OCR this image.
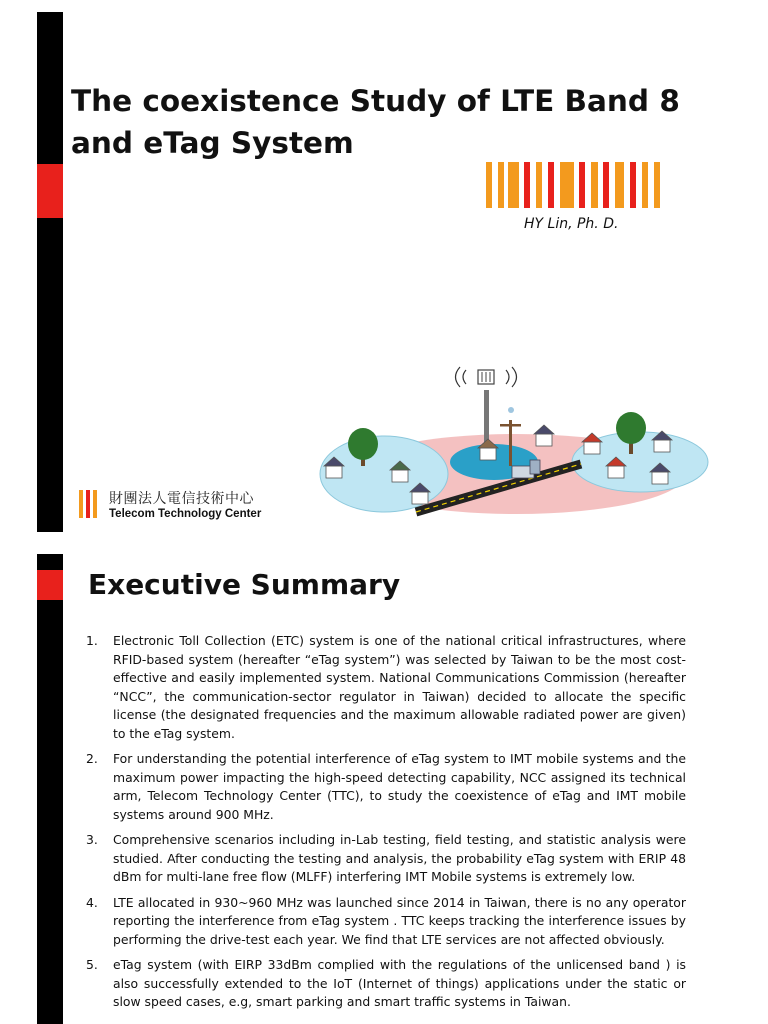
The coexistence Study of LTE Band 8 and eTag System
HY Lin, Ph. D.
財團法人電信技術中心
Telecom Technology Center
Executive Summary
1. Electronic Toll Collection (ETC) system is one of the national critical infrastructures, where RFID-based system (hereafter “eTag system”) was selected by Taiwan to be the most cost-effective and easily implemented system. National Communications Commission (hereafter “NCC”, the communication-sector regulator in Taiwan) decided to allocate the specific license (the designated frequencies and the maximum allowable radiated power are given) to the eTag system.
2. For understanding the potential interference of eTag system to IMT mobile systems and the maximum power impacting the high-speed detecting capability, NCC assigned its technical arm, Telecom Technology Center (TTC), to study the coexistence of eTag and IMT mobile systems around 900 MHz.
3. Comprehensive scenarios including in-Lab testing, field testing, and statistic analysis were studied. After conducting the testing and analysis, the probability eTag system with ERIP 48 dBm for multi-lane free flow (MLFF) interfering IMT Mobile systems is extremely low.
4. LTE allocated in 930~960 MHz was launched since 2014 in Taiwan, there is no any operator reporting the interference from eTag system . TTC keeps tracking the interference issues by performing the drive-test each year. We find that LTE services are not affected obviously.
5. eTag system (with EIRP 33dBm complied with the regulations of the unlicensed band ) is also successfully extended to the IoT (Internet of things) applications under the static or slow speed cases, e.g, smart parking and smart traffic systems in Taiwan.
